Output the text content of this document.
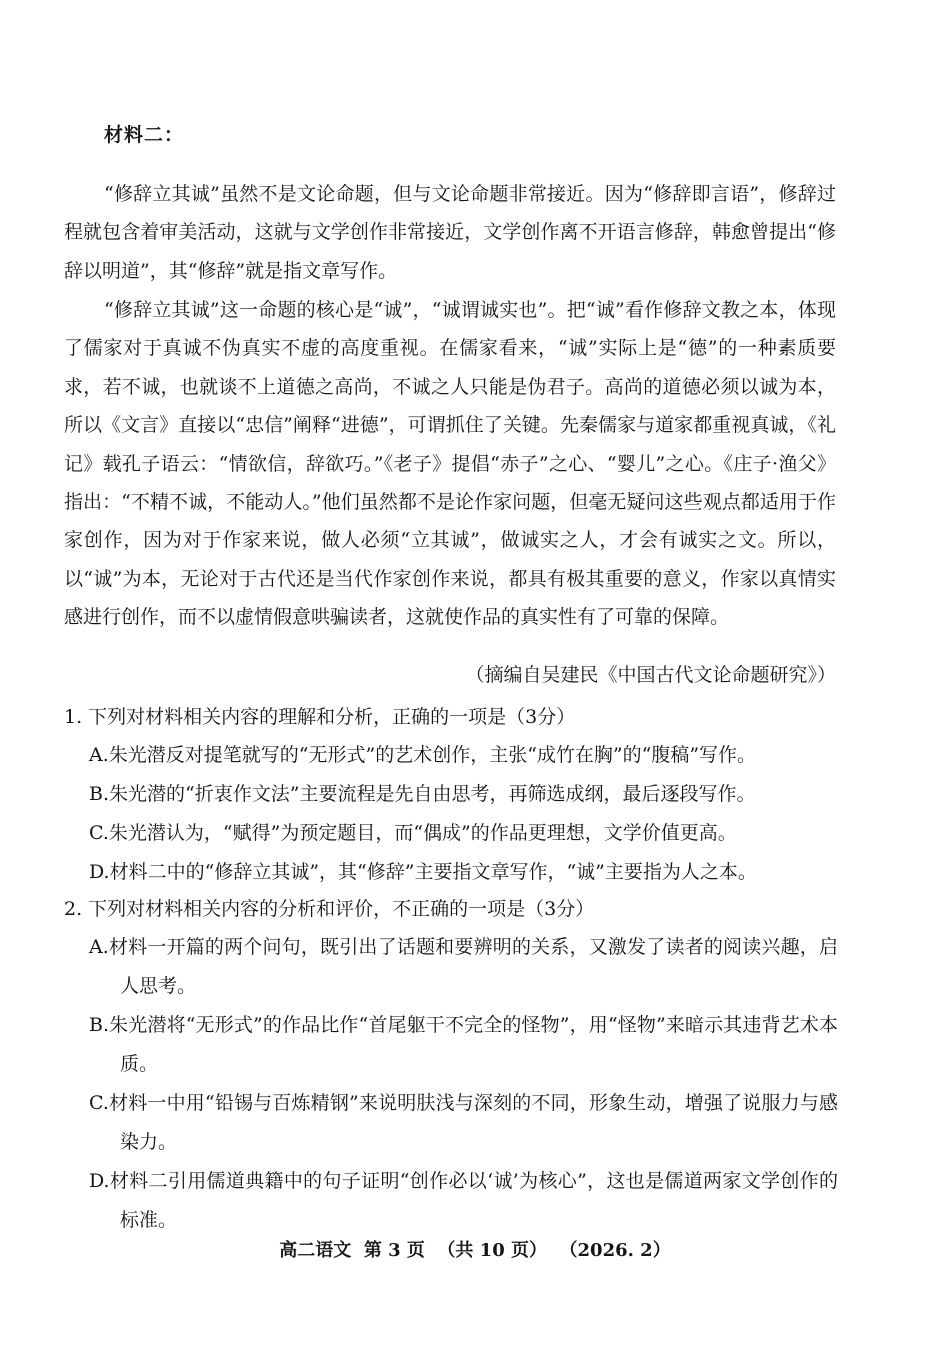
材料二：

“修辞立其诚”虽然不是文论命题，但与文论命题非常接近。因为“修辞即言语”，修辞过程就包含着审美活动，这就与文学创作非常接近，文学创作离不开语言修辞，韩愈曾提出“修辞以明道”，其“修辞”就是指文章写作。

“修辞立其诚”这一命题的核心是“诚”，“诚谓诚实也”。把“诚”看作修辞文教之本，体现了儒家对于真诚不伪真实不虚的高度重视。在儒家看来，“诚”实际上是“德”的一种素质要求，若不诚，也就谈不上道德之高尚，不诚之人只能是伪君子。高尚的道德必须以诚为本，所以《文言》直接以“忠信”阐释“进德”，可谓抓住了关键。先秦儒家与道家都重视真诚，《礼记》载孔子语云：“情欲信，辞欲巧。”《老子》提倡“赤子”之心、“婴儿”之心。《庄子·渔父》指出：“不精不诚，不能动人。”他们虽然都不是论作家问题，但毫无疑问这些观点都适用于作家创作，因为对于作家来说，做人必须“立其诚”，做诚实之人，才会有诚实之文。所以，以“诚”为本，无论对于古代还是当代作家创作来说，都具有极其重要的意义，作家以真情实感进行创作，而不以虚情假意哄骗读者，这就使作品的真实性有了可靠的保障。

（摘编自吴建民《中国古代文论命题研究》）
1. 下列对材料相关内容的理解和分析，正确的一项是（3分）
A.朱光潜反对提笔就写的“无形式”的艺术创作，主张“成竹在胸”的“腹稿”写作。
B.朱光潜的“折衷作文法”主要流程是先自由思考，再筛选成纲，最后逐段写作。
C.朱光潜认为，“赋得”为预定题目，而“偶成”的作品更理想，文学价值更高。
D.材料二中的“修辞立其诚”，其“修辞”主要指文章写作，“诚”主要指为人之本。
2. 下列对材料相关内容的分析和评价，不正确的一项是（3分）
A.材料一开篇的两个问句，既引出了话题和要辨明的关系，又激发了读者的阅读兴趣，启人思考。
B.朱光潜将“无形式”的作品比作“首尾躯干不完全的怪物”，用“怪物”来暗示其违背艺术本质。
C.材料一中用“铅锡与百炼精钢”来说明肤浅与深刻的不同，形象生动，增强了说服力与感染力。
D.材料二引用儒道典籍中的句子证明“创作必以‘诚’为核心”，这也是儒道两家文学创作的标准。
高二语文  第 3 页  （共 10 页）  （2026. 2）
